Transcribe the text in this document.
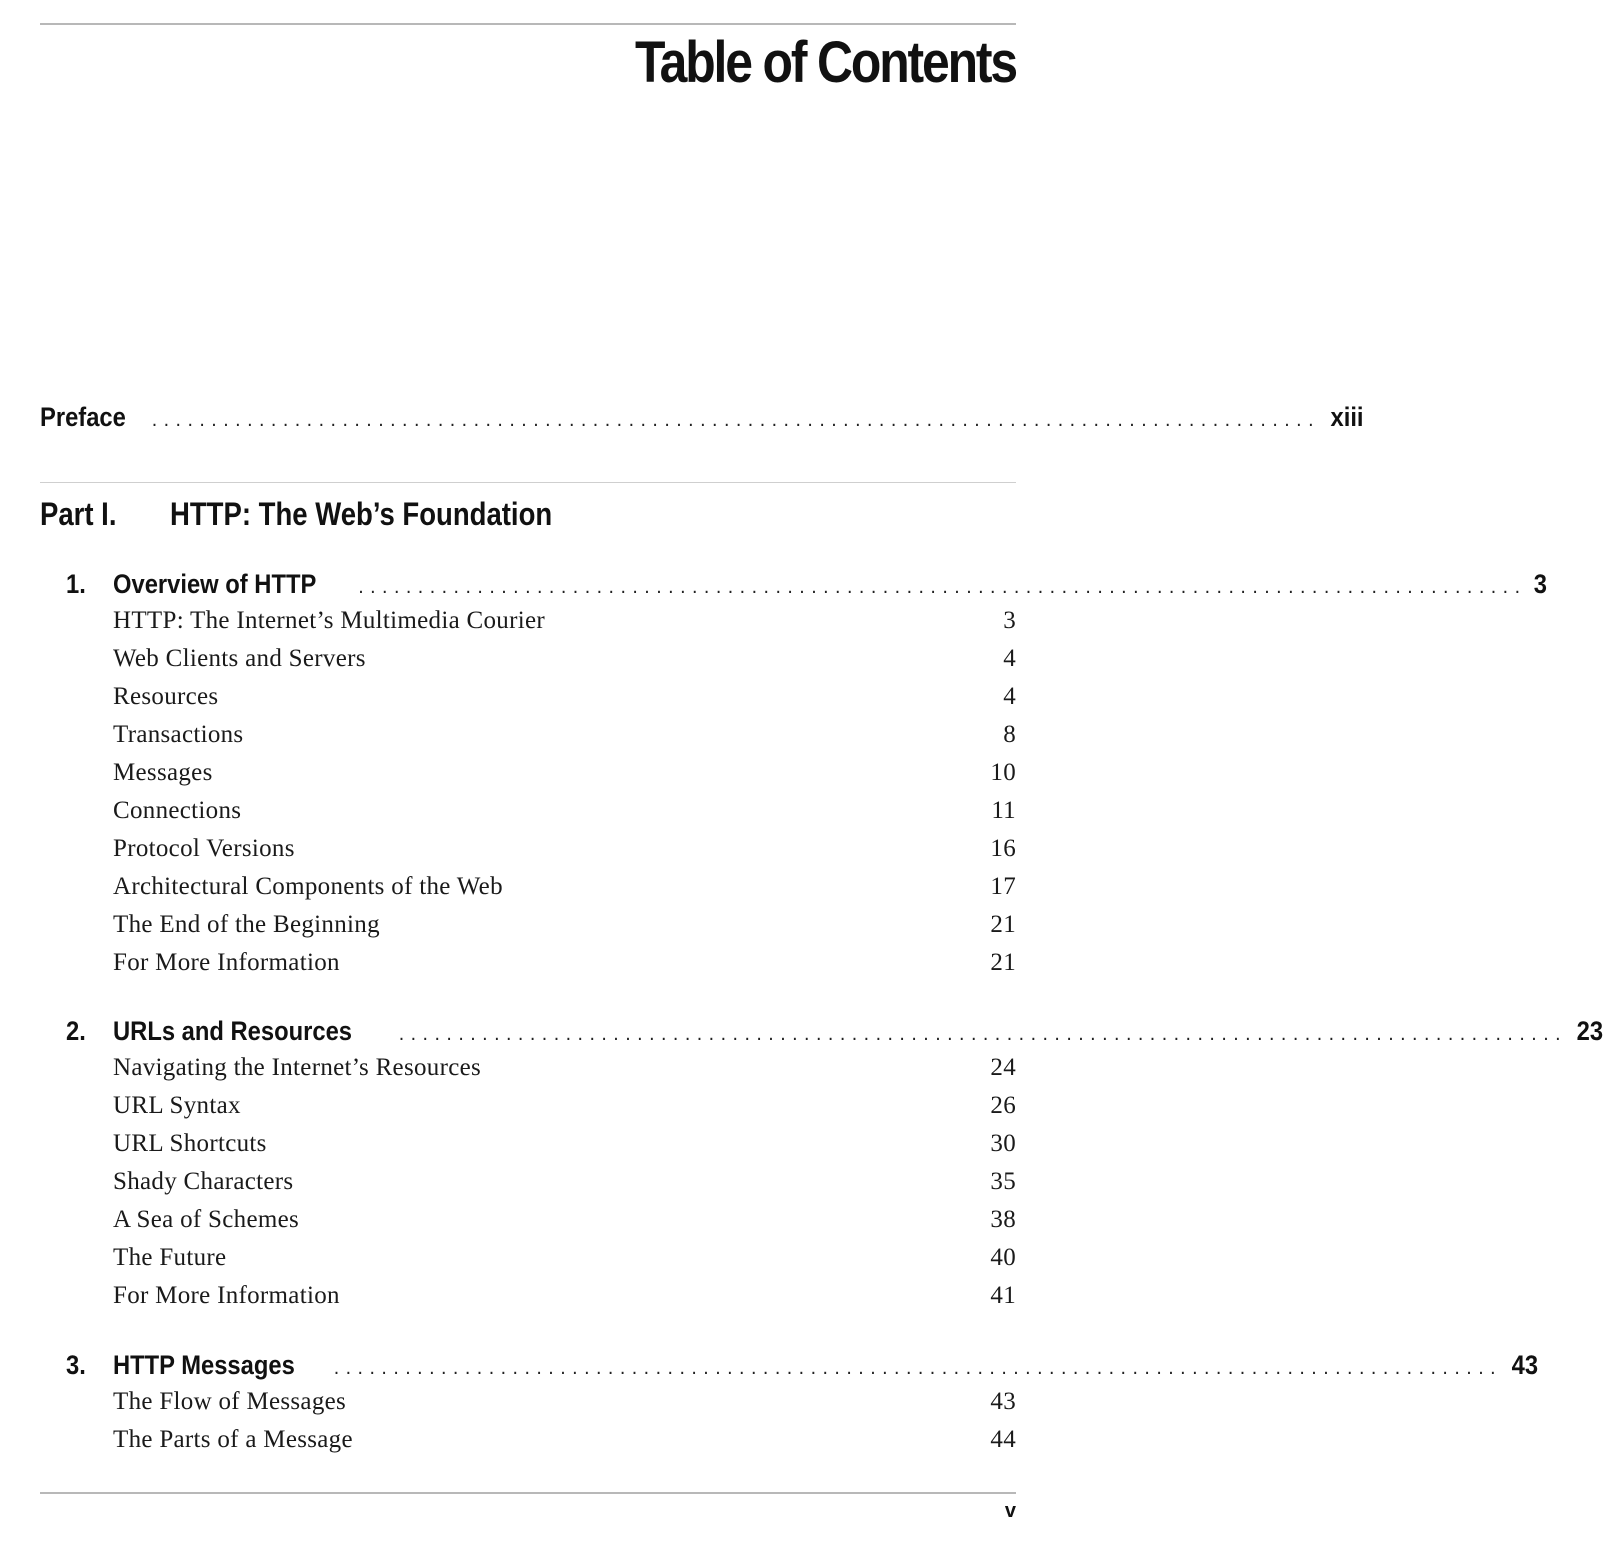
Table of Contents
Preface .................................................................................................. xiii
Part I. HTTP: The Web’s Foundation
1. Overview of HTTP .................................................................................................. 3
HTTP: The Internet’s Multimedia Courier	3
Web Clients and Servers	4
Resources	4
Transactions	8
Messages	10
Connections	11
Protocol Versions	16
Architectural Components of the Web	17
The End of the Beginning	21
For More Information	21
2. URLs and Resources	.................................................................................................. 23
Navigating the Internet’s Resources	24
URL Syntax	26
URL Shortcuts	30
Shady Characters	35
A Sea of Schemes	38
The Future	40
For More Information	41
3. HTTP Messages .................................................................................................. 43
The Flow of Messages	43
The Parts of a Message	44
v
